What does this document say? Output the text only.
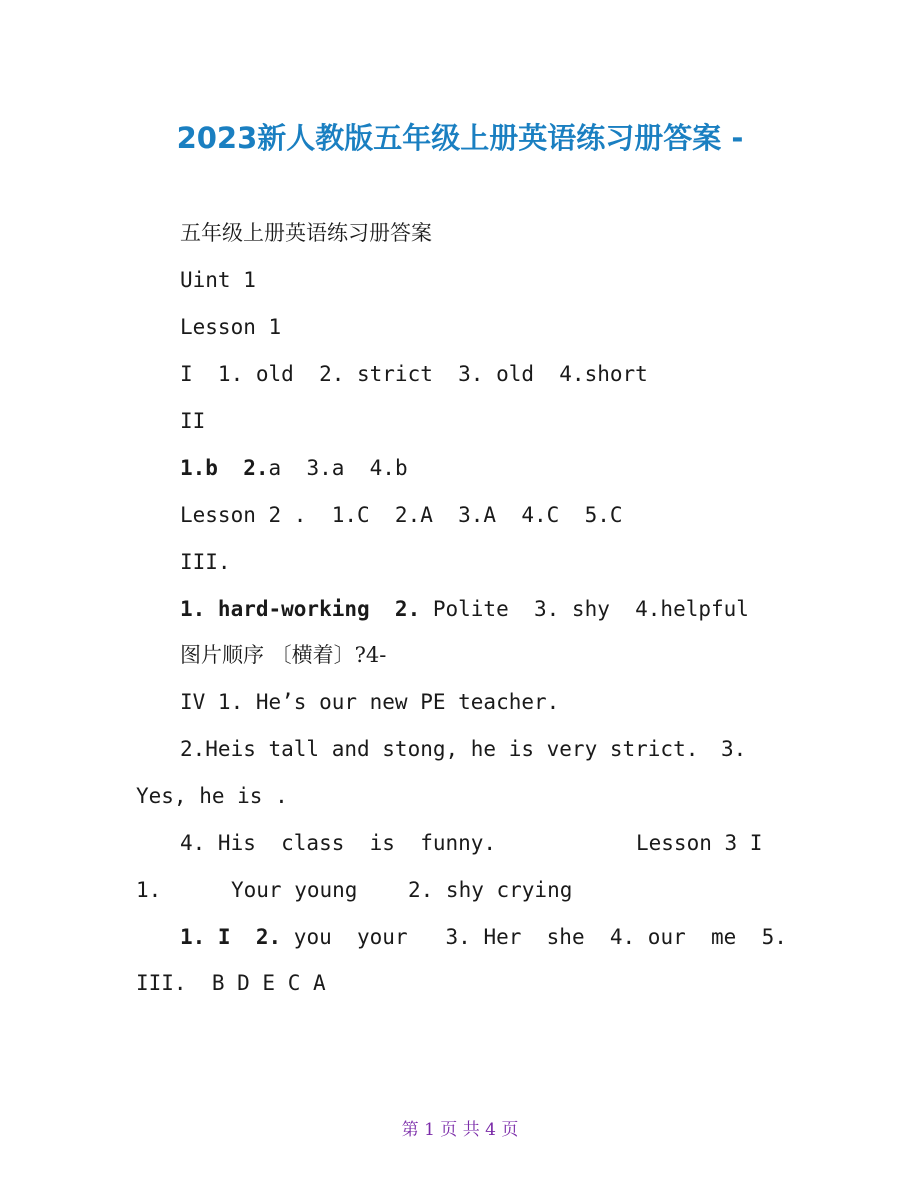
2023新人教版五年级上册英语练习册答案 -
五年级上册英语练习册答案
Uint 1
Lesson 1
I  1. old  2. strict  3. old  4.short
II
1.b  2.a  3.a  4.b
Lesson 2 .  1.C  2.A  3.A  4.C  5.C
III.
1. hard-working  2. Polite  3. shy  4.helpful
图片顺序 〔横着〕?4-
IV 1. He’s our new PE teacher.
2.Heis tall and stong, he is very strict. 3.
Yes, he is .
4. His  class  is  funny.	Lesson 3 I
1.	Your young    2. shy crying
1. I  2. you  your   3. Her  she  4. our  me  5.
III.  B D E C A
第 1 页 共 4 页
